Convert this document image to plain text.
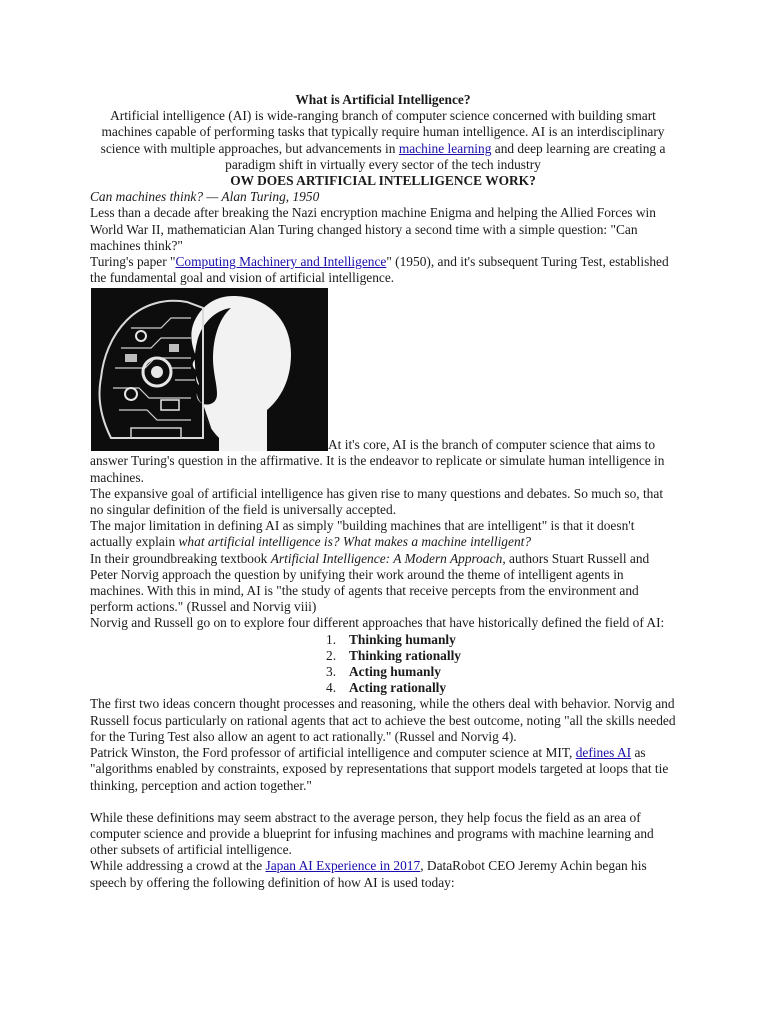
What is Artificial Intelligence?

Artificial intelligence (AI) is wide-ranging branch of computer science concerned with building smart machines capable of performing tasks that typically require human intelligence. AI is an interdisciplinary science with multiple approaches, but advancements in machine learning and deep learning are creating a paradigm shift in virtually every sector of the tech industry

OW DOES ARTIFICIAL INTELLIGENCE WORK?

Can machines think? — Alan Turing, 1950

Less than a decade after breaking the Nazi encryption machine Enigma and helping the Allied Forces win World War II, mathematician Alan Turing changed history a second time with a simple question: "Can machines think?"

Turing's paper "Computing Machinery and Intelligence" (1950), and it's subsequent Turing Test, established the fundamental goal and vision of artificial intelligence.

At it's core, AI is the branch of computer science that aims to

answer Turing's question in the affirmative. It is the endeavor to replicate or simulate human intelligence in machines.

The expansive goal of artificial intelligence has given rise to many questions and debates. So much so, that no singular definition of the field is universally accepted.

The major limitation in defining AI as simply "building machines that are intelligent" is that it doesn't actually explain what artificial intelligence is? What makes a machine intelligent?

In their groundbreaking textbook Artificial Intelligence: A Modern Approach, authors Stuart Russell and Peter Norvig approach the question by unifying their work around the theme of intelligent agents in machines. With this in mind, AI is "the study of agents that receive percepts from the environment and perform actions." (Russel and Norvig viii)

Norvig and Russell go on to explore four different approaches that have historically defined the field of AI:

1. Thinking humanly
2. Thinking rationally
3. Acting humanly
4. Acting rationally

The first two ideas concern thought processes and reasoning, while the others deal with behavior. Norvig and Russell focus particularly on rational agents that act to achieve the best outcome, noting "all the skills needed for the Turing Test also allow an agent to act rationally." (Russel and Norvig 4).

Patrick Winston, the Ford professor of artificial intelligence and computer science at MIT, defines AI as "algorithms enabled by constraints, exposed by representations that support models targeted at loops that tie thinking, perception and action together."

While these definitions may seem abstract to the average person, they help focus the field as an area of computer science and provide a blueprint for infusing machines and programs with machine learning and other subsets of artificial intelligence.

While addressing a crowd at the Japan AI Experience in 2017, DataRobot CEO Jeremy Achin began his speech by offering the following definition of how AI is used today:
